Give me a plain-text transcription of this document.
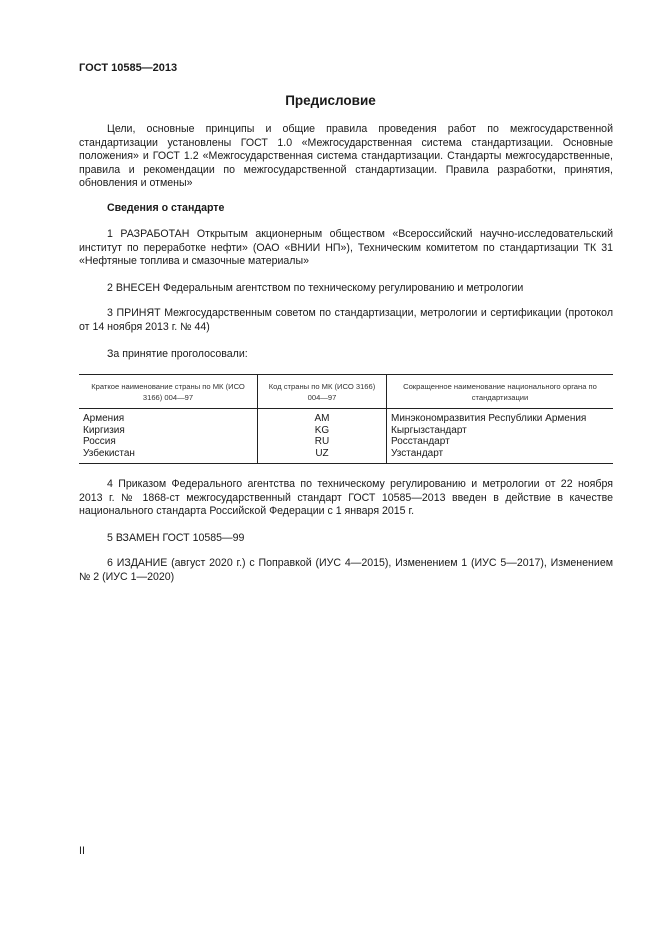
ГОСТ 10585—2013
Предисловие

Цели, основные принципы и общие правила проведения работ по межгосударственной стандартизации установлены ГОСТ 1.0 «Межгосударственная система стандартизации. Основные положения» и ГОСТ 1.2 «Межгосударственная система стандартизации. Стандарты межгосударственные, правила и рекомендации по межгосударственной стандартизации. Правила разработки, принятия, обновления и отмены»

Сведения о стандарте

1 РАЗРАБОТАН Открытым акционерным обществом «Всероссийский научно-исследовательский институт по переработке нефти» (ОАО «ВНИИ НП»), Техническим комитетом по стандартизации ТК 31 «Нефтяные топлива и смазочные материалы»

2 ВНЕСЕН Федеральным агентством по техническому регулированию и метрологии

3 ПРИНЯТ Межгосударственным советом по стандартизации, метрологии и сертификации (протокол от 14 ноября 2013 г. № 44)

За принятие проголосовали:
Краткое наименование страны по МК (ИСО 3166) 004—97	Код страны по МК (ИСО 3166) 004—97	Сокращенное наименование национального органа по стандартизации
Армения	AM	Минэкономразвития Республики Армения
Киргизия	KG	Кыргызстандарт
Россия	RU	Росстандарт
Узбекистан	UZ	Узстандарт

4 Приказом Федерального агентства по техническому регулированию и метрологии от 22 ноября 2013 г. № 1868-ст межгосударственный стандарт ГОСТ 10585—2013 введен в действие в качестве национального стандарта Российской Федерации с 1 января 2015 г.

5 ВЗАМЕН ГОСТ 10585—99

6 ИЗДАНИЕ (август 2020 г.) с Поправкой (ИУС 4—2015), Изменением 1 (ИУС 5—2017), Изменением № 2 (ИУС 1—2020)

II
